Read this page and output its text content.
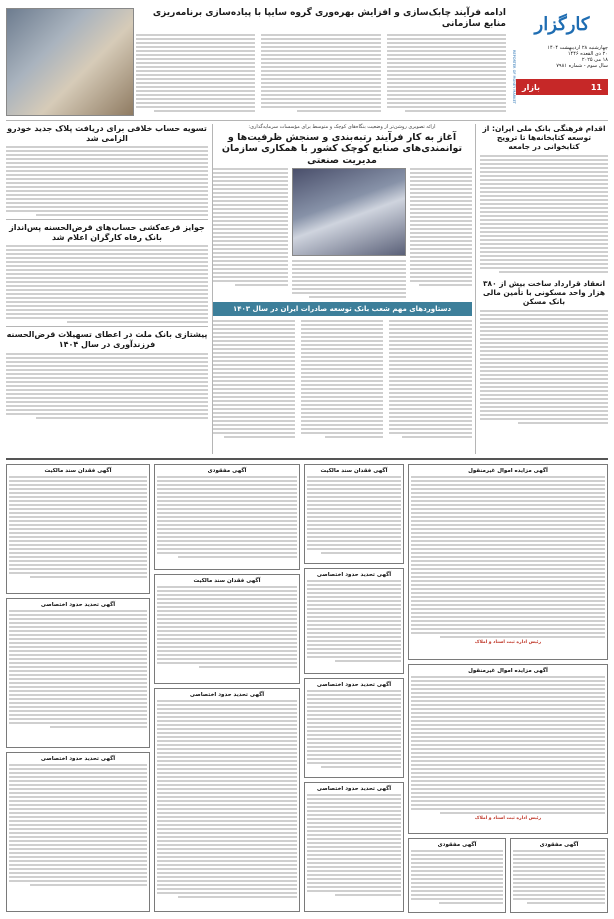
کارگزار
چهارشنبه ۲۸ اردیبهشت ۱۴۰۴
۲۰ ذی القعده ۱۴۴۶
۱۸ می ۲۰۲۵
سال سوم - شماره ۷۹۸۱
11
بازار
REPORTER OF MONEY MARKET
ادامه فرآیند چابک‌سازی و افزایش بهره‌وری گروه سایپا با پیاده‌سازی برنامه‌ریزی منابع سازمانی
اقدام فرهنگی بانک ملی ایران: از توسعه کتابخانه‌ها تا ترویج کتابخوانی در جامعه
انعقاد قرارداد ساخت بیش از ۳۸۰ هزار واحد مسکونی با تأمین مالی بانک مسکن
ارائه تصویری روشن‌تر از وضعیت بنگاه‌های کوچک و متوسط برای مؤسسات سرمایه‌گذاری:
آغاز به کار فرآیند رتبه‌بندی و سنجش ظرفیت‌ها و توانمندی‌های صنایع کوچک کشور با همکاری سازمان مدیریت صنعتی
دستاوردهای مهم شعب بانک توسعه صادرات ایران در سال ۱۴۰۳
تسویه حساب خلافی برای دریافت پلاک جدید خودرو الزامی شد
جوایز قرعه‌کشی حساب‌های قرض‌الحسنه پس‌انداز بانک رفاه کارگران اعلام شد
پیشتازی بانک ملت در اعطای تسهیلات قرض‌الحسنه فرزندآوری در سال ۱۴۰۴
آگهی مزایده اموال غیرمنقول
رئیس اداره ثبت اسناد و املاک
آگهی مزایده اموال غیرمنقول
رئیس اداره ثبت اسناد و املاک
آگهی مفقودی
آگهی مفقودی
آگهی فقدان سند مالکیت
آگهی تحدید حدود اختصاصی
آگهی تحدید حدود اختصاصی
آگهی تحدید حدود اختصاصی
آگهی مفقودی
آگهی فقدان سند مالکیت
آگهی تحدید حدود اختصاصی
آگهی فقدان سند مالکیت
آگهی تحدید حدود اختصاصی
آگهی تحدید حدود اختصاصی
